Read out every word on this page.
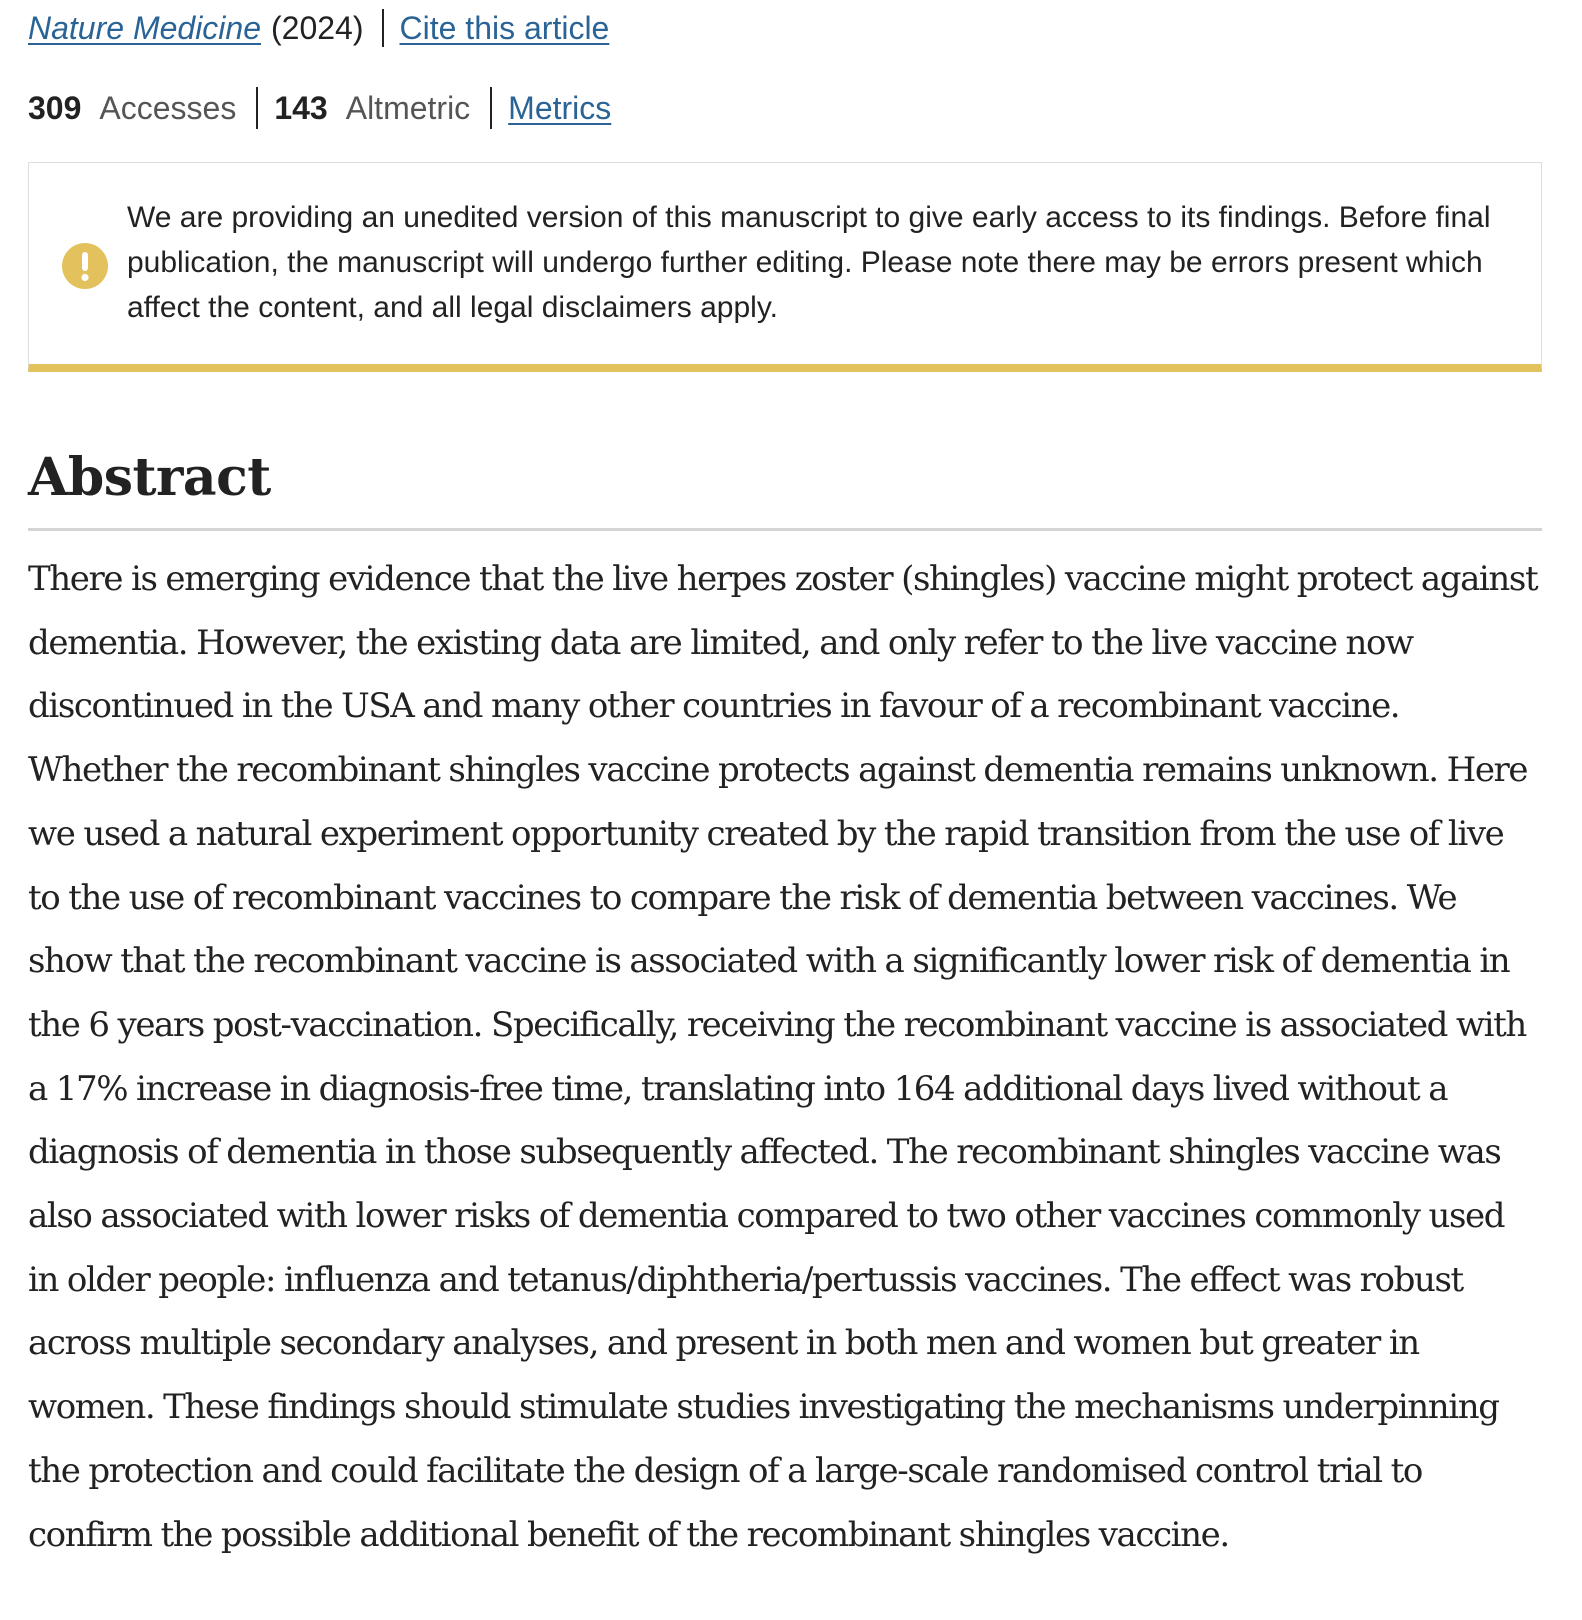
Nature Medicine (2024) Cite this article
309 Accesses 143 Altmetric Metrics
We are providing an unedited version of this manuscript to give early access to its findings. Before final publication, the manuscript will undergo further editing. Please note there may be errors present which affect the content, and all legal disclaimers apply.
Abstract

There is emerging evidence that the live herpes zoster (shingles) vaccine might protect against dementia. However, the existing data are limited, and only refer to the live vaccine now discontinued in the USA and many other countries in favour of a recombinant vaccine. Whether the recombinant shingles vaccine protects against dementia remains unknown. Here we used a natural experiment opportunity created by the rapid transition from the use of live to the use of recombinant vaccines to compare the risk of dementia between vaccines. We show that the recombinant vaccine is associated with a significantly lower risk of dementia in the 6 years post-vaccination. Specifically, receiving the recombinant vaccine is associated with a 17% increase in diagnosis-free time, translating into 164 additional days lived without a diagnosis of dementia in those subsequently affected. The recombinant shingles vaccine was also associated with lower risks of dementia compared to two other vaccines commonly used in older people: influenza and tetanus/diphtheria/pertussis vaccines. The effect was robust across multiple secondary analyses, and present in both men and women but greater in women. These findings should stimulate studies investigating the mechanisms underpinning the protection and could facilitate the design of a large-scale randomised control trial to confirm the possible additional benefit of the recombinant shingles vaccine.
